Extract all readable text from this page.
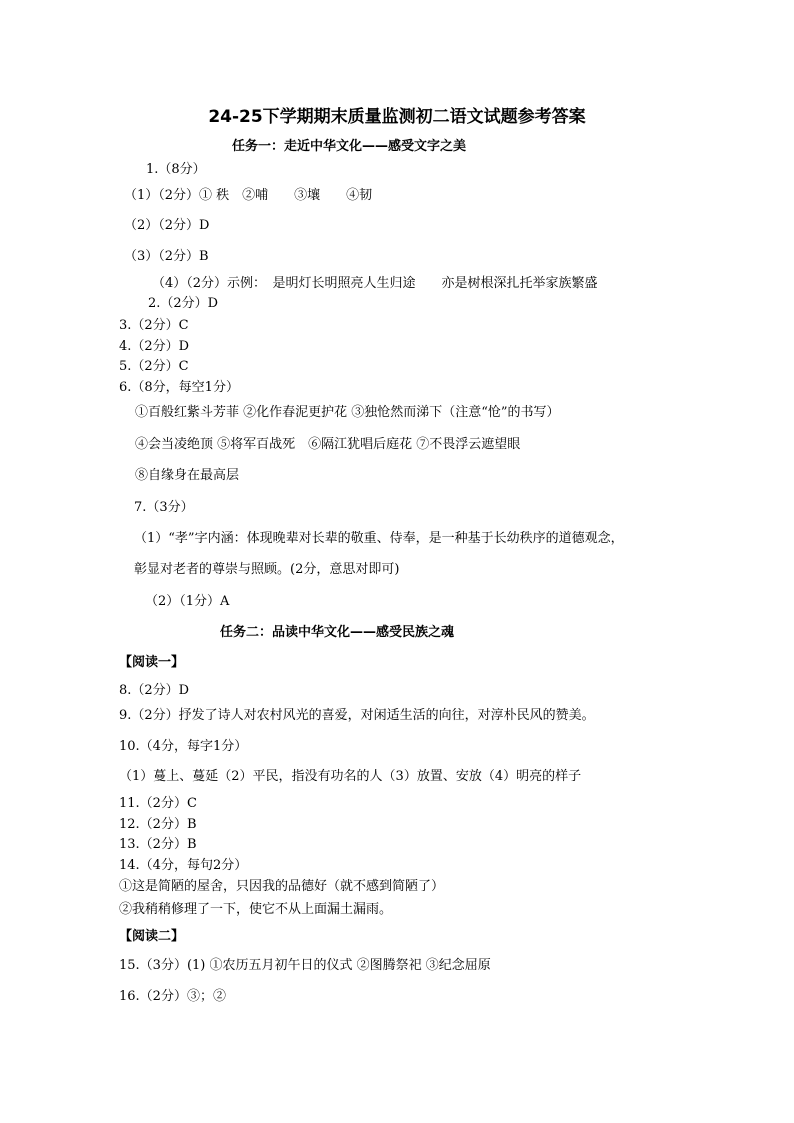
24-25下学期期末质量监测初二语文试题参考答案
任务一：走近中华文化——感受文字之美
1.（8分）
（1）（2分）① 秩　②哺　　③壤　　④韧
（2）（2分）D
（3）（2分）B
（4）（2分）示例：　是明灯长明照亮人生归途　　亦是树根深扎托举家族繁盛
2.（2分）D
3.（2分）C
4.（2分）D
5.（2分）C
6.（8分，每空1分）
①百般红紫斗芳菲 ②化作春泥更护花 ③独怆然而涕下（注意“怆”的书写）
④会当凌绝顶 ⑤将军百战死　⑥隔江犹唱后庭花 ⑦不畏浮云遮望眼
⑧自缘身在最高层
7.（3分）
（1）“孝”字内涵：体现晚辈对长辈的敬重、侍奉，是一种基于长幼秩序的道德观念，
彰显对老者的尊崇与照顾。(2分，意思对即可)
（2）（1分）A
任务二：品读中华文化——感受民族之魂
【阅读一】
8.（2分）D
9.（2分）抒发了诗人对农村风光的喜爱，对闲适生活的向往，对淳朴民风的赞美。
10.（4分，每字1分）
（1）蔓上、蔓延（2）平民，指没有功名的人（3）放置、安放（4）明亮的样子
11.（2分）C
12.（2分）B
13.（2分）B
14.（4分，每句2分）
①这是简陋的屋舍，只因我的品德好（就不感到简陋了）
②我稍稍修理了一下，使它不从上面漏土漏雨。
【阅读二】
15.（3分）(1) ①农历五月初午日的仪式 ②图腾祭祀 ③纪念屈原
16.（2分）③；②
